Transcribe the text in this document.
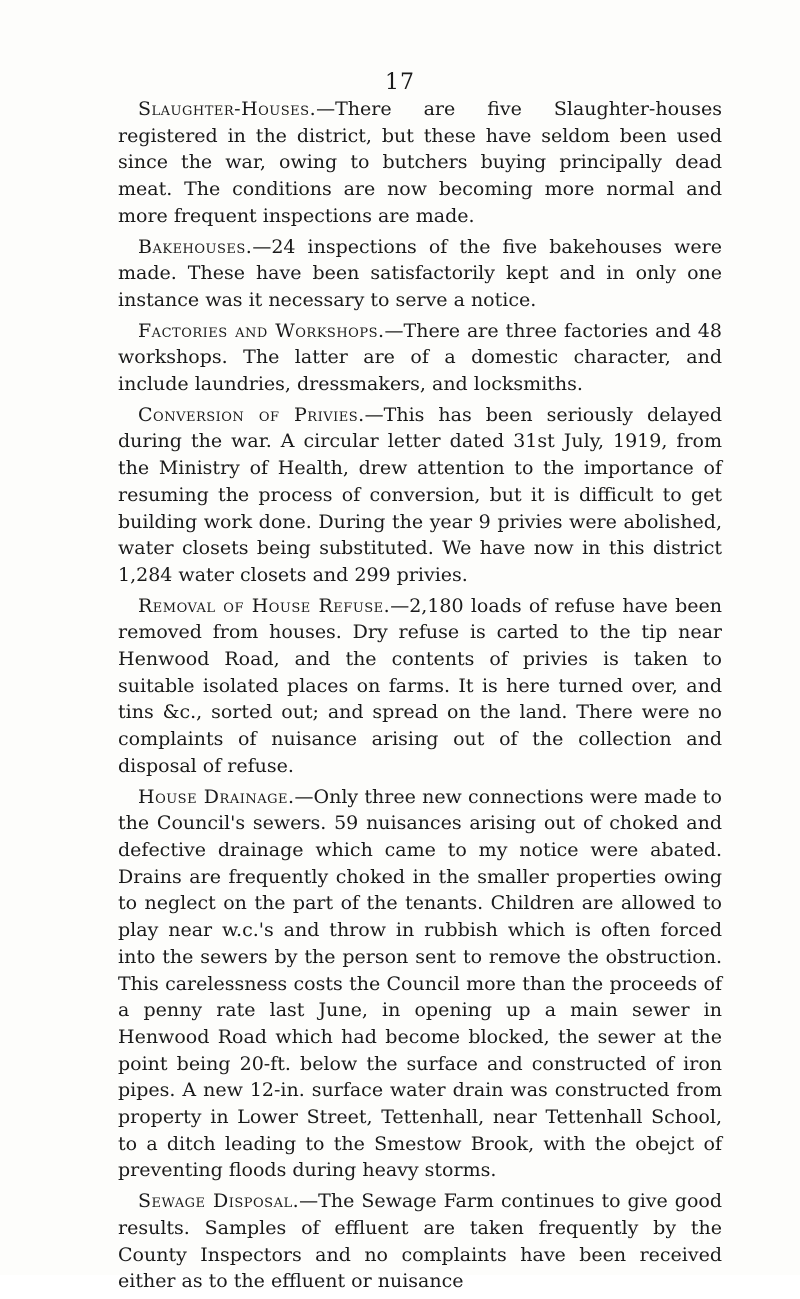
17

Slaughter-Houses.—There are five Slaughter-houses registered in the district, but these have seldom been used since the war, owing to butchers buying principally dead meat. The conditions are now becoming more normal and more frequent inspections are made.

Bakehouses.—24 inspections of the five bakehouses were made. These have been satisfactorily kept and in only one instance was it necessary to serve a notice.

Factories and Workshops.—There are three factories and 48 workshops. The latter are of a domestic character, and include laundries, dressmakers, and locksmiths.

Conversion of Privies.—This has been seriously delayed during the war. A circular letter dated 31st July, 1919, from the Ministry of Health, drew attention to the importance of resuming the process of conversion, but it is difficult to get building work done. During the year 9 privies were abolished, water closets being substituted. We have now in this district 1,284 water closets and 299 privies.

Removal of House Refuse.—2,180 loads of refuse have been removed from houses. Dry refuse is carted to the tip near Henwood Road, and the contents of privies is taken to suitable isolated places on farms. It is here turned over, and tins &c., sorted out; and spread on the land. There were no complaints of nuisance arising out of the collection and disposal of refuse.

House Drainage.—Only three new connections were made to the Council's sewers. 59 nuisances arising out of choked and defective drainage which came to my notice were abated. Drains are frequently choked in the smaller properties owing to neglect on the part of the tenants. Children are allowed to play near w.c.'s and throw in rubbish which is often forced into the sewers by the person sent to remove the obstruction. This carelessness costs the Council more than the proceeds of a penny rate last June, in opening up a main sewer in Henwood Road which had become blocked, the sewer at the point being 20-ft. below the surface and constructed of iron pipes. A new 12-in. surface water drain was constructed from property in Lower Street, Tettenhall, near Tettenhall School, to a ditch leading to the Smestow Brook, with the obejct of preventing floods during heavy storms.

Sewage Disposal.—The Sewage Farm continues to give good results. Samples of effluent are taken frequently by the County Inspectors and no complaints have been received either as to the effluent or nuisance
